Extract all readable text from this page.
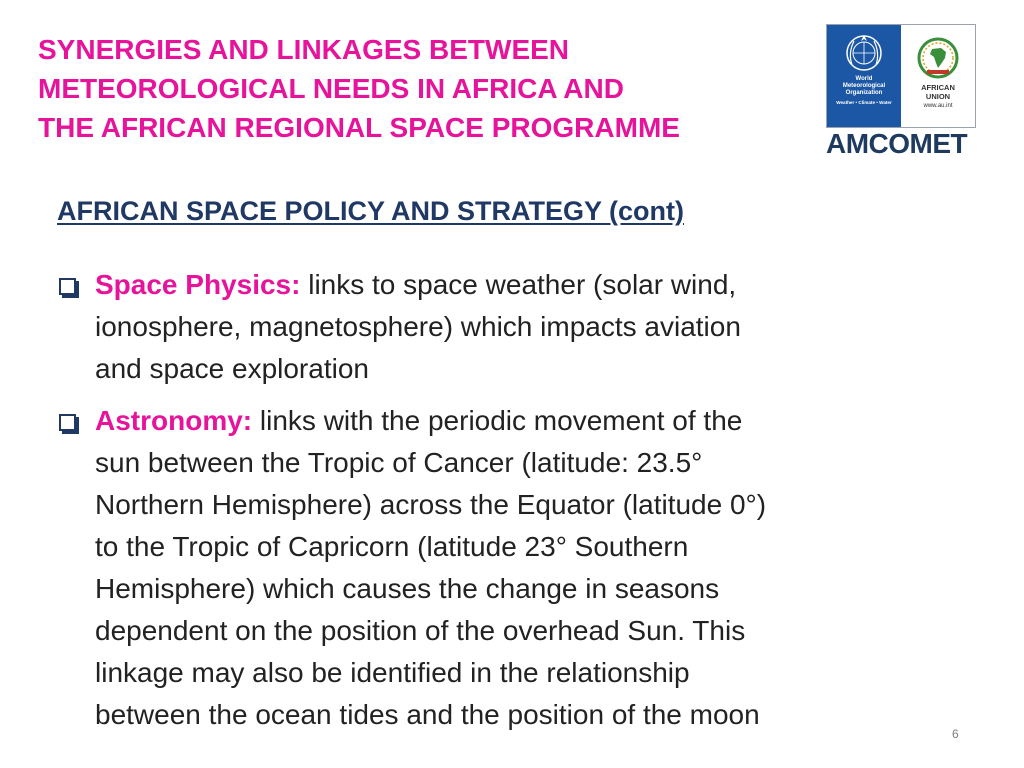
SYNERGIES AND LINKAGES BETWEEN
METEOROLOGICAL NEEDS IN AFRICA AND
THE AFRICAN REGIONAL SPACE PROGRAMME
World
Meteorological
Organization
Weather • Climate • Water
AFRICAN
UNION
www.au.int
AMCOMET
AFRICAN SPACE POLICY AND STRATEGY (cont)
Space Physics: links to space weather (solar wind,
ionosphere, magnetosphere) which impacts aviation
and space exploration
Astronomy: links with the periodic movement of the
sun between the Tropic of Cancer (latitude: 23.5°
Northern Hemisphere) across the Equator (latitude 0°)
to the Tropic of Capricorn (latitude 23° Southern
Hemisphere) which causes the change in seasons
dependent on the position of the overhead Sun. This
linkage may also be identified in the relationship
between the ocean tides and the position of the moon
6
